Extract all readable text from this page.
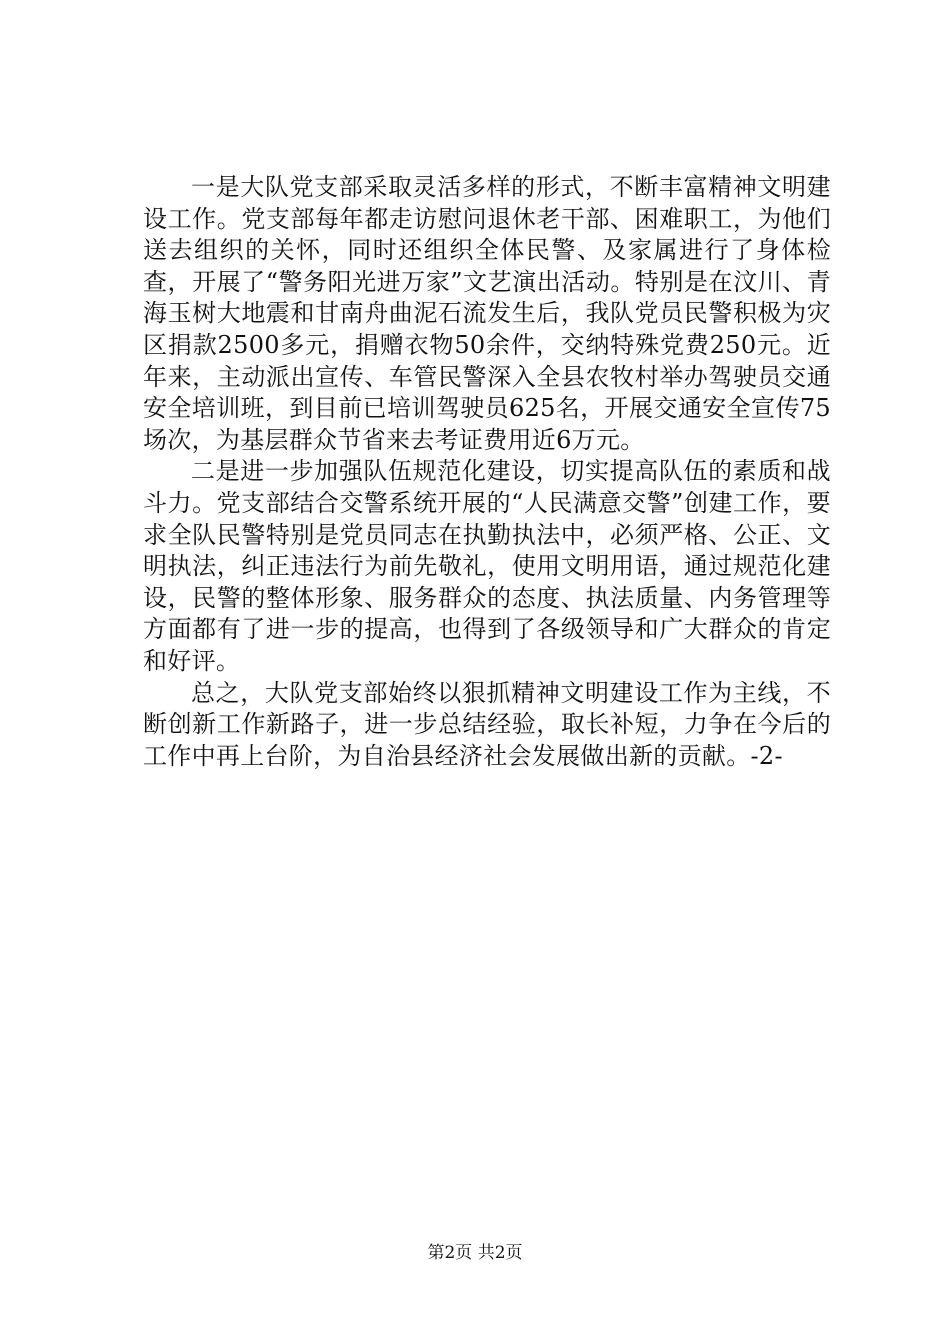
一是大队党支部采取灵活多样的形式，不断丰富精神文明建设工作。党支部每年都走访慰问退休老干部、困难职工，为他们送去组织的关怀，同时还组织全体民警、及家属进行了身体检查，开展了“警务阳光进万家”文艺演出活动。特别是在汶川、青海玉树大地震和甘南舟曲泥石流发生后，我队党员民警积极为灾区捐款2500多元，捐赠衣物50余件，交纳特殊党费250元。近年来，主动派出宣传、车管民警深入全县农牧村举办驾驶员交通安全培训班，到目前已培训驾驶员625名，开展交通安全宣传75场次，为基层群众节省来去考证费用近6万元。

二是进一步加强队伍规范化建设，切实提高队伍的素质和战斗力。党支部结合交警系统开展的“人民满意交警”创建工作，要求全队民警特别是党员同志在执勤执法中，必须严格、公正、文明执法，纠正违法行为前先敬礼，使用文明用语，通过规范化建设，民警的整体形象、服务群众的态度、执法质量、内务管理等方面都有了进一步的提高，也得到了各级领导和广大群众的肯定和好评。

总之，大队党支部始终以狠抓精神文明建设工作为主线，不断创新工作新路子，进一步总结经验，取长补短，力争在今后的工作中再上台阶，为自治县经济社会发展做出新的贡献。-2-

第2页 共2页
